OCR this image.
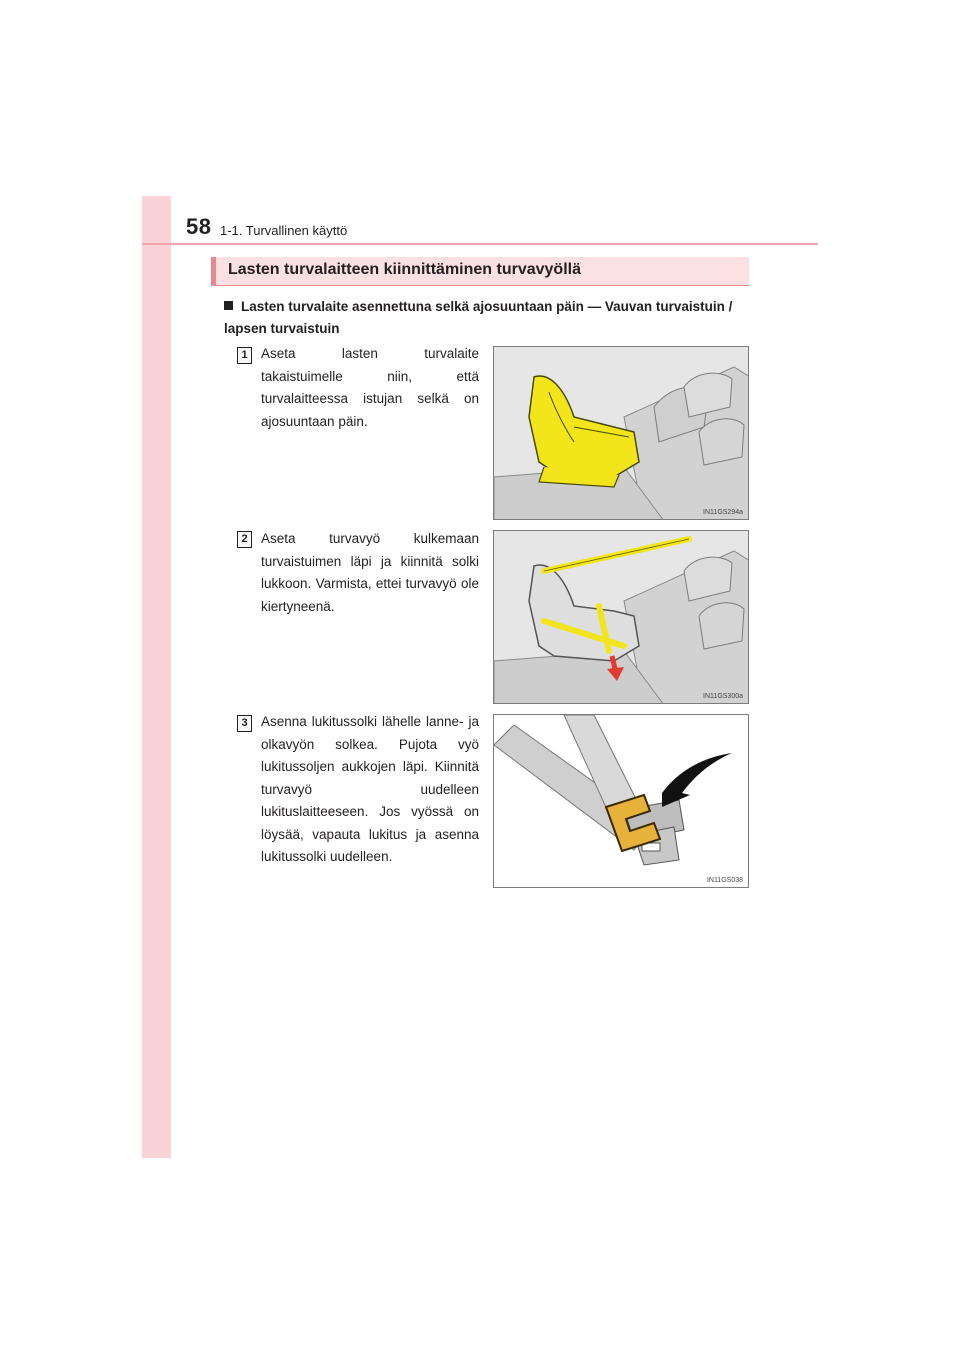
58 1-1. Turvallinen käyttö
Lasten turvalaitteen kiinnittäminen turvavyöllä
Lasten turvalaite asennettuna selkä ajosuuntaan päin — Vauvan turvaistuin / lapsen turvaistuin
1 Aseta lasten turvalaite takaistuimelle niin, että turvalaitteessa istujan selkä on ajosuuntaan päin.
IN11GS294a
2 Aseta turvavyö kulkemaan turvaistuimen läpi ja kiinnitä solki lukkoon. Varmista, ettei turvavyö ole kiertyneenä.
IN11GS300a
3 Asenna lukitussolki lähelle lanne- ja olkavyön solkea. Pujota vyö lukitussoljen aukkojen läpi. Kiinnitä turvavyö uudelleen lukituslaitteeseen. Jos vyössä on löysää, vapauta lukitus ja asenna lukitussolki uudelleen.
IN11GS038
